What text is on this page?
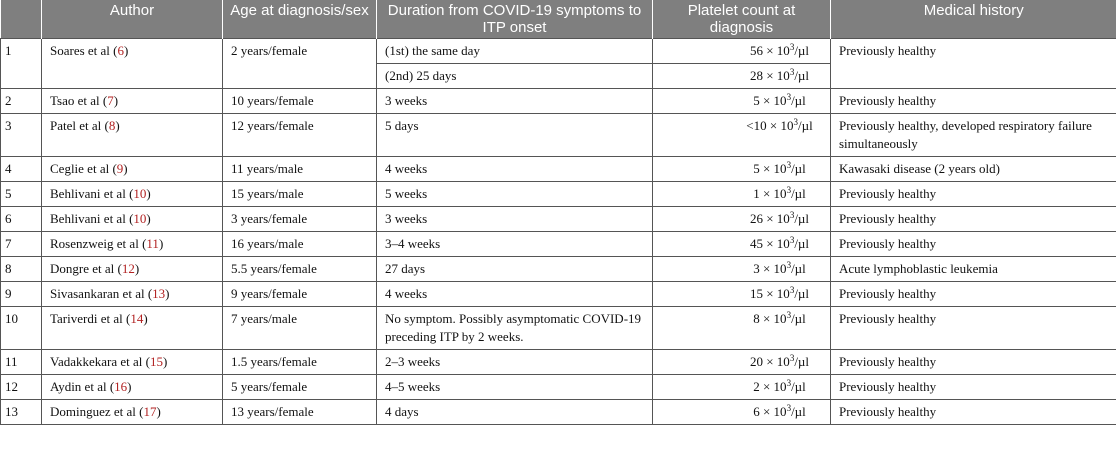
	Author	Age at diagnosis/sex	Duration from COVID-19 symptoms to ITP onset	Platelet count at diagnosis	Medical history
1	Soares et al (6)	2 years/female	(1st) the same day	$56 \times 10^3/\mu l$	Previously healthy
			(2nd) 25 days	$28 \times 10^3/\mu l$	
2	Tsao et al (7)	10 years/female	3 weeks	$5 \times 10^3/\mu l$	Previously healthy
3	Patel et al (8)	12 years/female	5 days	$<10 \times 10^3/\mu l$	Previously healthy, developed respiratory failure simultaneously
4	Ceglie et al (9)	11 years/male	4 weeks	$5 \times 10^3/\mu l$	Kawasaki disease (2 years old)
5	Behlivani et al (10)	15 years/male	5 weeks	$1 \times 10^3/\mu l$	Previously healthy
6	Behlivani et al (10)	3 years/female	3 weeks	$26 \times 10^3/\mu l$	Previously healthy
7	Rosenzweig et al (11)	16 years/male	3–4 weeks	$45 \times 10^3/\mu l$	Previously healthy
8	Dongre et al (12)	5.5 years/female	27 days	$3 \times 10^3/\mu l$	Acute lymphoblastic leukemia
9	Sivasankaran et al (13)	9 years/female	4 weeks	$15 \times 10^3/\mu l$	Previously healthy
10	Tariverdi et al (14)	7 years/male	No symptom. Possibly asymptomatic COVID-19 preceding ITP by 2 weeks.	$8 \times 10^3/\mu l$	Previously healthy
11	Vadakkekara et al (15)	1.5 years/female	2–3 weeks	$20 \times 10^3/\mu l$	Previously healthy
12	Aydin et al (16)	5 years/female	4–5 weeks	$2 \times 10^3/\mu l$	Previously healthy
13	Dominguez et al (17)	13 years/female	4 days	$6 \times 10^3/\mu l$	Previously healthy
